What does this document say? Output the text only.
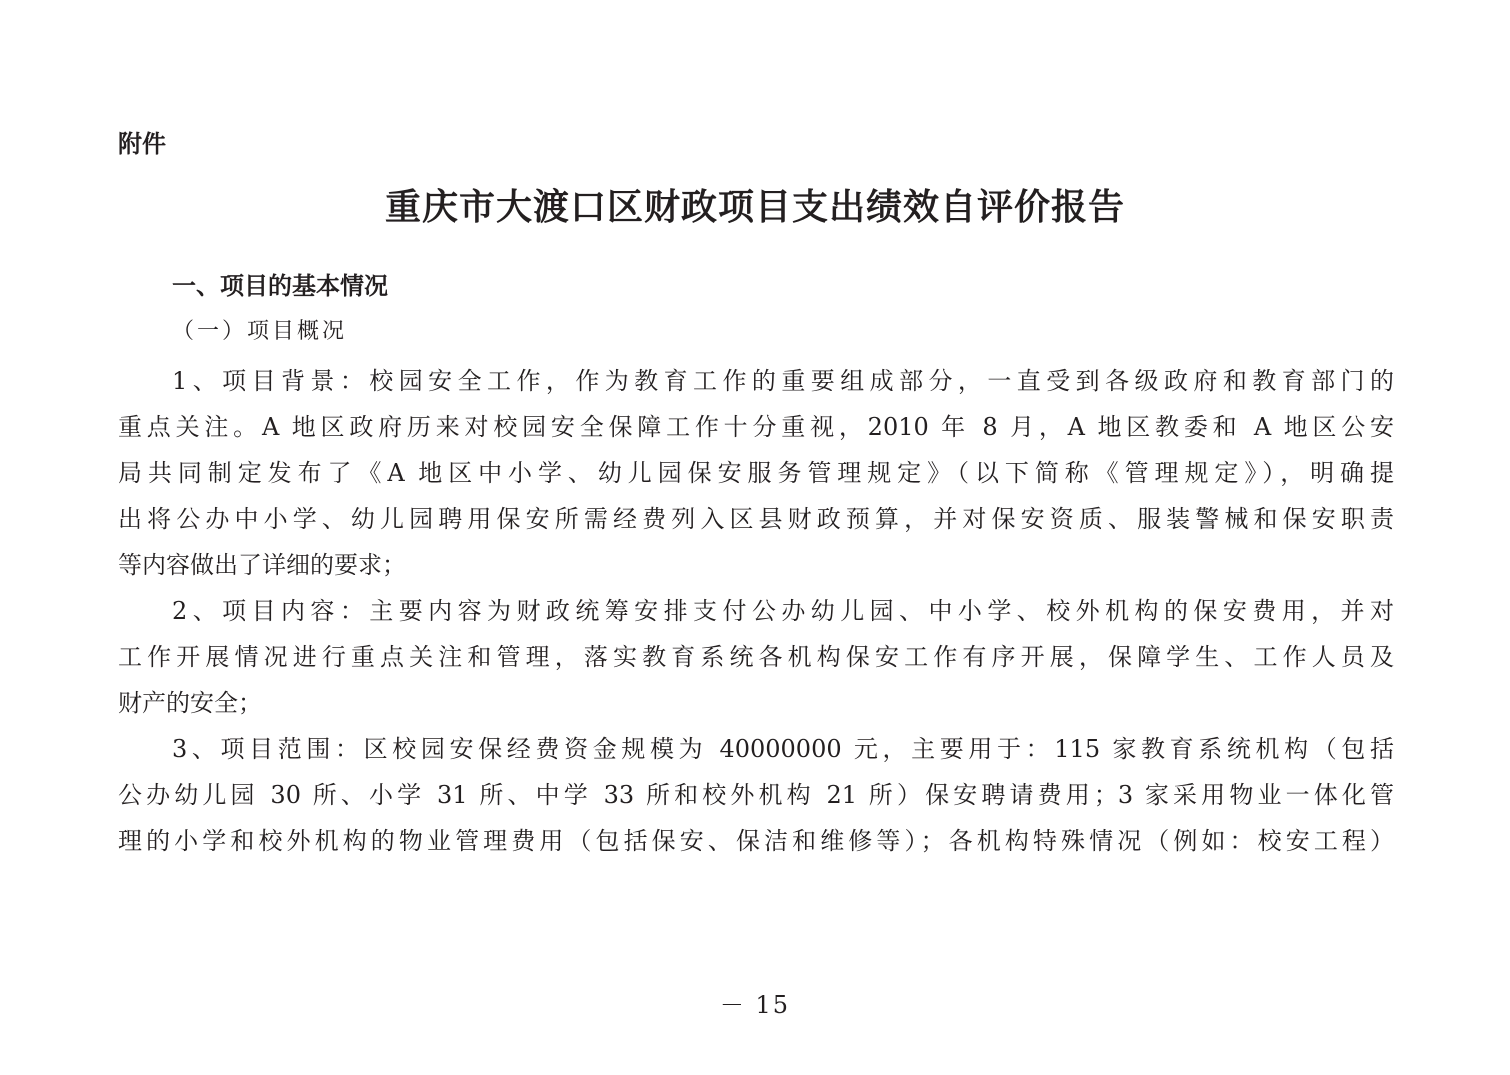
附件
重庆市大渡口区财政项目支出绩效自评价报告
一、项目的基本情况
（一）项目概况
1、项目背景：校园安全工作，作为教育工作的重要组成部分，一直受到各级政府和教育部门的
重点关注。A 地区政府历来对校园安全保障工作十分重视，2010 年 8 月，A 地区教委和 A 地区公安
局共同制定发布了《A 地区中小学、幼儿园保安服务管理规定》（以下简称《管理规定》），明确提
出将公办中小学、幼儿园聘用保安所需经费列入区县财政预算，并对保安资质、服装警械和保安职责
等内容做出了详细的要求；
2、项目内容：主要内容为财政统筹安排支付公办幼儿园、中小学、校外机构的保安费用，并对
工作开展情况进行重点关注和管理，落实教育系统各机构保安工作有序开展，保障学生、工作人员及
财产的安全；
3、项目范围：区校园安保经费资金规模为 40000000 元，主要用于：115 家教育系统机构（包括
公办幼儿园 30 所、小学 31 所、中学 33 所和校外机构 21 所）保安聘请费用；3 家采用物业一体化管
理的小学和校外机构的物业管理费用（包括保安、保洁和维修等）；各机构特殊情况（例如：校安工程）
－ 15
